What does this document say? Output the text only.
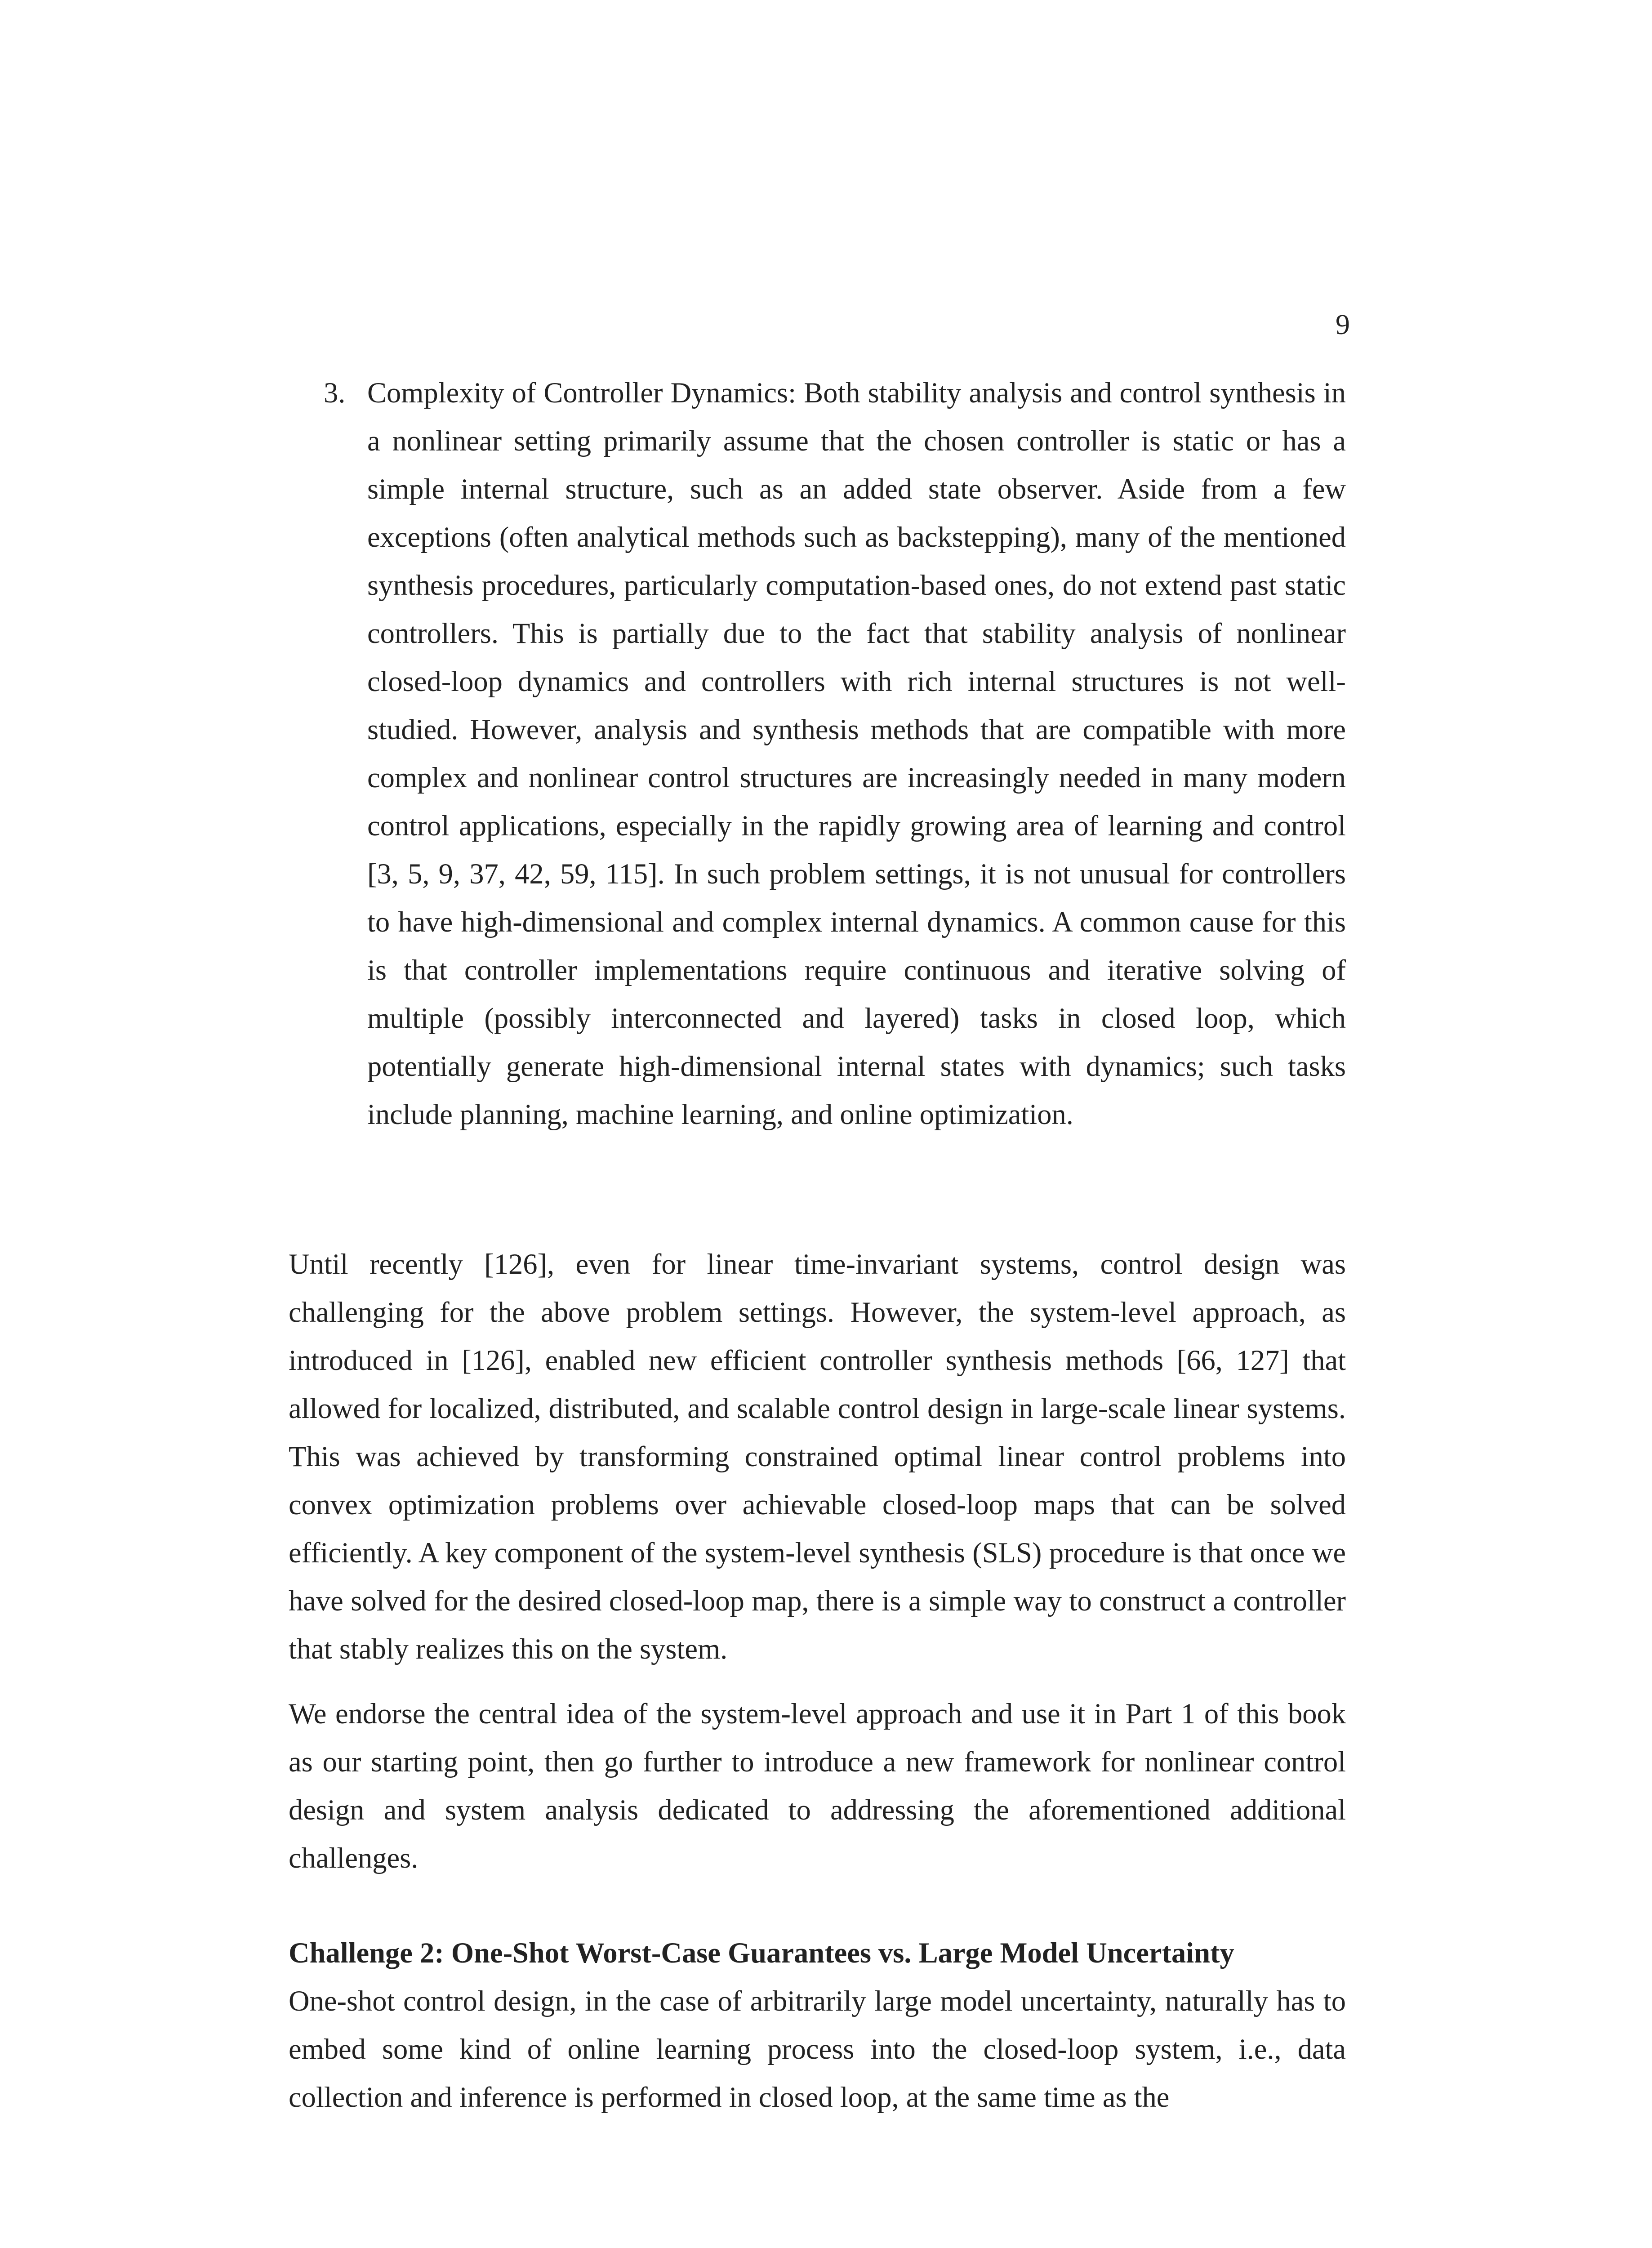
9
3. Complexity of Controller Dynamics: Both stability analysis and control synthesis in a nonlinear setting primarily assume that the chosen controller is static or has a simple internal structure, such as an added state observer. Aside from a few exceptions (often analytical methods such as backstepping), many of the mentioned synthesis procedures, particularly computation-based ones, do not extend past static controllers. This is partially due to the fact that stability analysis of nonlinear closed-loop dynamics and controllers with rich internal structures is not well-studied. However, analysis and synthesis methods that are compatible with more complex and nonlinear control structures are increasingly needed in many modern control applications, especially in the rapidly growing area of learning and control [3, 5, 9, 37, 42, 59, 115]. In such problem settings, it is not unusual for controllers to have high-dimensional and complex internal dynamics. A common cause for this is that controller implementations require continuous and iterative solving of multiple (possibly interconnected and layered) tasks in closed loop, which potentially generate high-dimensional internal states with dynamics; such tasks include planning, machine learning, and online optimization.

Until recently [126], even for linear time-invariant systems, control design was challenging for the above problem settings. However, the system-level approach, as introduced in [126], enabled new efficient controller synthesis methods [66, 127] that allowed for localized, distributed, and scalable control design in large-scale linear systems. This was achieved by transforming constrained optimal linear control problems into convex optimization problems over achievable closed-loop maps that can be solved efficiently. A key component of the system-level synthesis (SLS) procedure is that once we have solved for the desired closed-loop map, there is a simple way to construct a controller that stably realizes this on the system.

We endorse the central idea of the system-level approach and use it in Part 1 of this book as our starting point, then go further to introduce a new framework for nonlinear control design and system analysis dedicated to addressing the aforementioned additional challenges.

Challenge 2: One-Shot Worst-Case Guarantees vs. Large Model Uncertainty
One-shot control design, in the case of arbitrarily large model uncertainty, naturally has to embed some kind of online learning process into the closed-loop system, i.e., data collection and inference is performed in closed loop, at the same time as the
